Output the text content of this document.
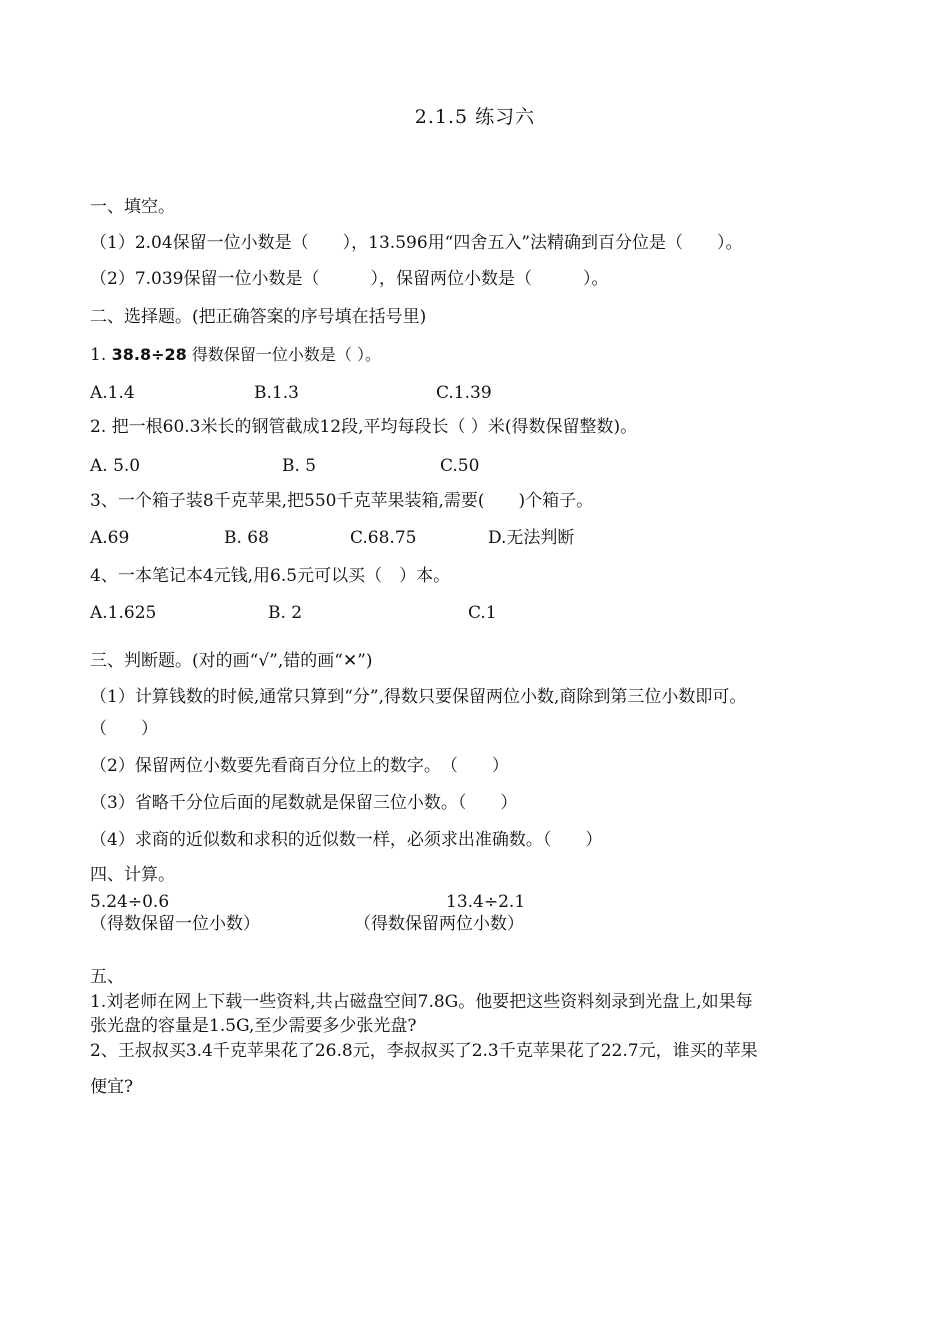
2.1.5 练习六
一、填空。
（1）2.04保留一位小数是（　　），13.596用“四舍五入”法精确到百分位是（　　）。
（2）7.039保留一位小数是（　　　），保留两位小数是（　　　）。
二、选择题。(把正确答案的序号填在括号里)
1. 38.8÷28 得数保留一位小数是（ ）。
A.1.4	B.1.3	C.1.39
2. 把一根60.3米长的钢管截成12段,平均每段长（ ）米(得数保留整数)。
A. 5.0	B. 5	C.50
3、一个箱子装8千克苹果,把550千克苹果装箱,需要(　　)个箱子。
A.69	B. 68	C.68.75	D.无法判断
4、一本笔记本4元钱,用6.5元可以买（　）本。
A.1.625	B. 2	C.1
三、判断题。(对的画“√”,错的画“✕”)
（1）计算钱数的时候,通常只算到“分”,得数只要保留两位小数,商除到第三位小数即可。
（　　）
（2）保留两位小数要先看商百分位上的数字。　（　　）
（3）省略千分位后面的尾数就是保留三位小数。（　　）
（4）求商的近似数和求积的近似数一样，必须求出准确数。（　　）
四、计算。
5.24÷0.6
（得数保留一位小数）
13.4÷2.1
（得数保留两位小数）
五、
1.刘老师在网上下载一些资料,共占磁盘空间7.8G。他要把这些资料刻录到光盘上,如果每
张光盘的容量是1.5G,至少需要多少张光盘?
2、王叔叔买3.4千克苹果花了26.8元，李叔叔买了2.3千克苹果花了22.7元，谁买的苹果
便宜?
